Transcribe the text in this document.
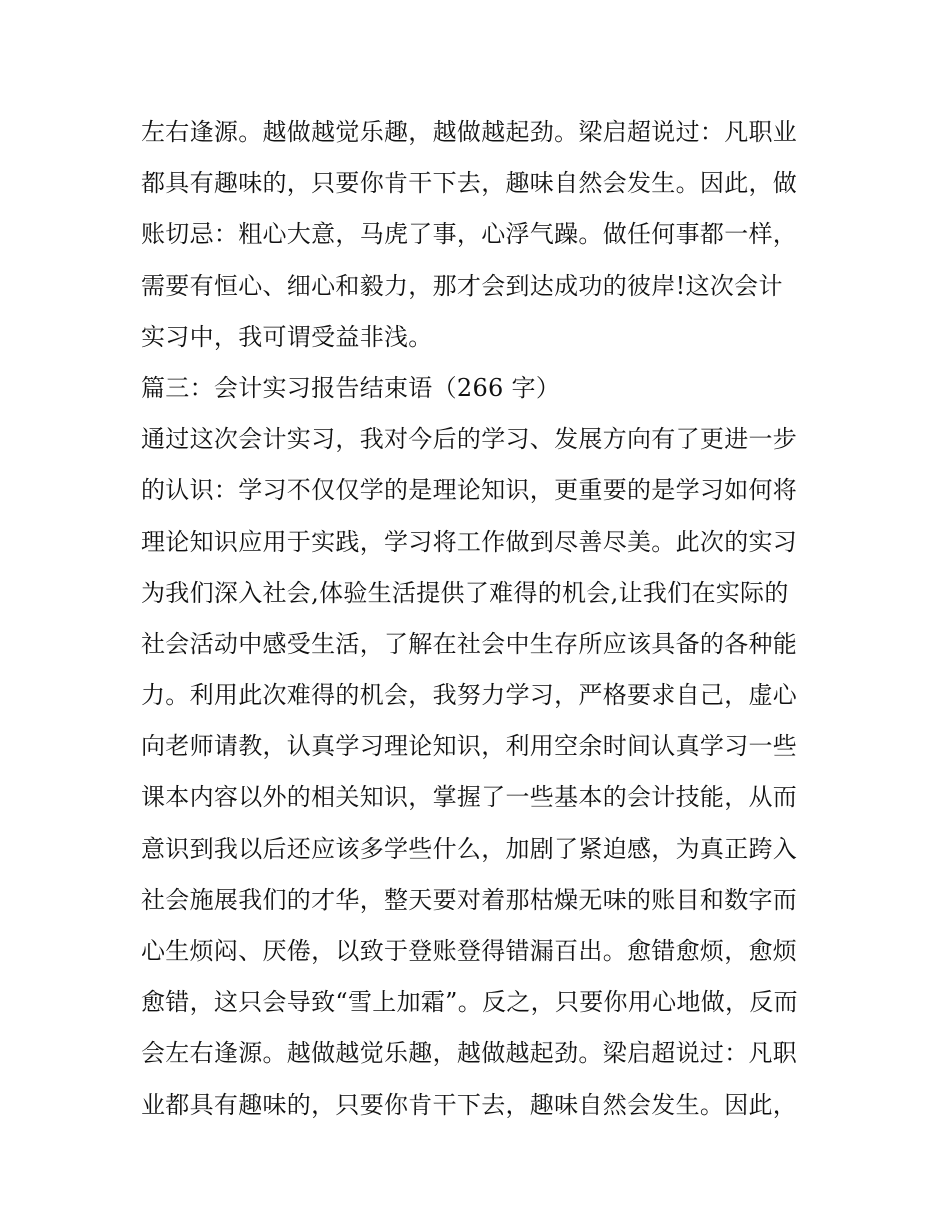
左右逢源。越做越觉乐趣，越做越起劲。梁启超说过：凡职业
都具有趣味的，只要你肯干下去，趣味自然会发生。因此，做
账切忌：粗心大意，马虎了事，心浮气躁。做任何事都一样，
需要有恒心、细心和毅力，那才会到达成功的彼岸!这次会计
实习中，我可谓受益非浅。
篇三：会计实习报告结束语（266 字）
通过这次会计实习，我对今后的学习、发展方向有了更进一步
的认识：学习不仅仅学的是理论知识，更重要的是学习如何将
理论知识应用于实践，学习将工作做到尽善尽美。此次的实习
为我们深入社会,体验生活提供了难得的机会,让我们在实际的
社会活动中感受生活，了解在社会中生存所应该具备的各种能
力。利用此次难得的机会，我努力学习，严格要求自己，虚心
向老师请教，认真学习理论知识，利用空余时间认真学习一些
课本内容以外的相关知识，掌握了一些基本的会计技能，从而
意识到我以后还应该多学些什么，加剧了紧迫感，为真正跨入
社会施展我们的才华，整天要对着那枯燥无味的账目和数字而
心生烦闷、厌倦，以致于登账登得错漏百出。愈错愈烦，愈烦
愈错，这只会导致“雪上加霜”。反之，只要你用心地做，反而
会左右逢源。越做越觉乐趣，越做越起劲。梁启超说过：凡职
业都具有趣味的，只要你肯干下去，趣味自然会发生。因此，
